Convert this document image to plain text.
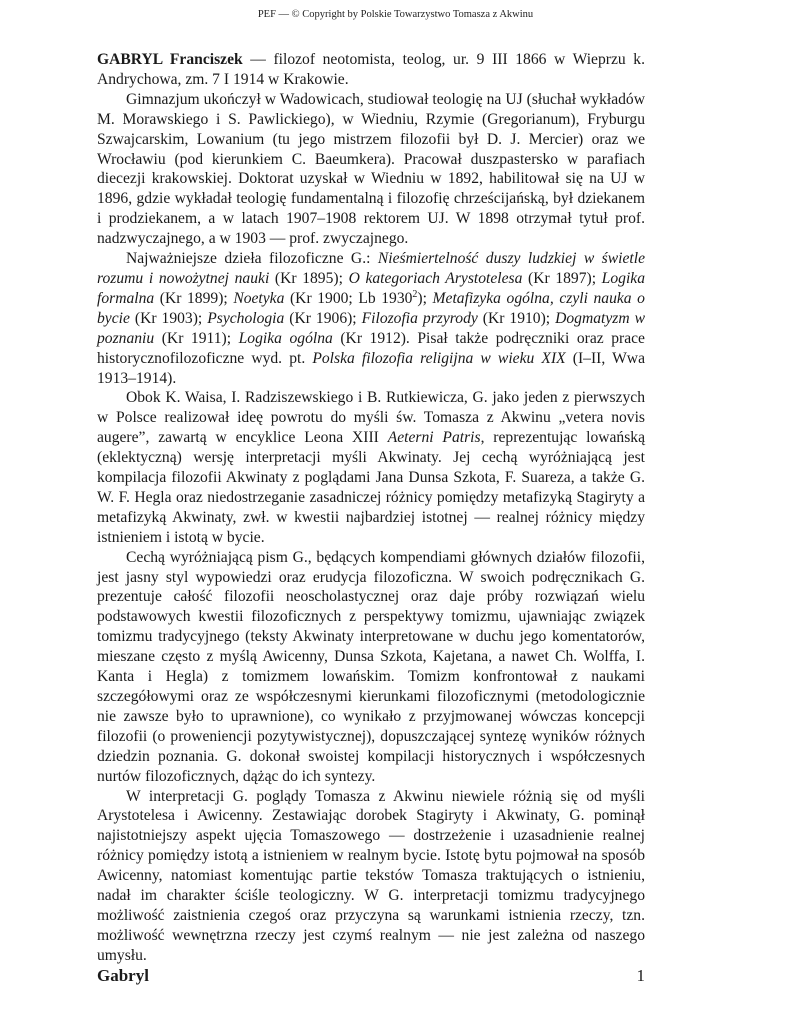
PEF — © Copyright by Polskie Towarzystwo Tomasza z Akwinu

GABRYL Franciszek — filozof neotomista, teolog, ur. 9 III 1866 w Wieprzu k. Andrychowa, zm. 7 I 1914 w Krakowie.

Gimnazjum ukończył w Wadowicach, studiował teologię na UJ (słuchał wykładów M. Morawskiego i S. Pawlickiego), w Wiedniu, Rzymie (Gregorianum), Fryburgu Szwajcarskim, Lowanium (tu jego mistrzem filozofii był D. J. Mercier) oraz we Wrocławiu (pod kierunkiem C. Baeumkera). Pracował duszpastersko w parafiach diecezji krakowskiej. Doktorat uzyskał w Wiedniu w 1892, habilitował się na UJ w 1896, gdzie wykładał teologię fundamentalną i filozofię chrześcijańską, był dziekanem i prodziekanem, a w latach 1907–1908 rektorem UJ. W 1898 otrzymał tytuł prof. nadzwyczajnego, a w 1903 — prof. zwyczajnego.

Najważniejsze dzieła filozoficzne G.: Nieśmiertelność duszy ludzkiej w świetle rozumu i nowożytnej nauki (Kr 1895); O kategoriach Arystotelesa (Kr 1897); Logika formalna (Kr 1899); Noetyka (Kr 1900; Lb 1930$^2$); Metafizyka ogólna, czyli nauka o bycie (Kr 1903); Psychologia (Kr 1906); Filozofia przyrody (Kr 1910); Dogmatyzm w poznaniu (Kr 1911); Logika ogólna (Kr 1912). Pisał także podręczniki oraz prace historycznofilozoficzne wyd. pt. Polska filozofia religijna w wieku XIX (I–II, Wwa 1913–1914).

Obok K. Waisa, I. Radziszewskiego i B. Rutkiewicza, G. jako jeden z pierwszych w Polsce realizował ideę powrotu do myśli św. Tomasza z Akwinu „vetera novis augere”, zawartą w encyklice Leona XIII Aeterni Patris, reprezentując lowańską (eklektyczną) wersję interpretacji myśli Akwinaty. Jej cechą wyróżniającą jest kompilacja filozofii Akwinaty z poglądami Jana Dunsa Szkota, F. Suareza, a także G. W. F. Hegla oraz niedostrzeganie zasadniczej różnicy pomiędzy metafizyką Stagiryty a metafizyką Akwinaty, zwł. w kwestii najbardziej istotnej — realnej różnicy między istnieniem i istotą w bycie.

Cechą wyróżniającą pism G., będących kompendiami głównych działów filozofii, jest jasny styl wypowiedzi oraz erudycja filozoficzna. W swoich podręcznikach G. prezentuje całość filozofii neoscholastycznej oraz daje próby rozwiązań wielu podstawowych kwestii filozoficznych z perspektywy tomizmu, ujawniając związek tomizmu tradycyjnego (teksty Akwinaty interpretowane w duchu jego komentatorów, mieszane często z myślą Awicenny, Dunsa Szkota, Kajetana, a nawet Ch. Wolffa, I. Kanta i Hegla) z tomizmem lowańskim. Tomizm konfrontował z naukami szczegółowymi oraz ze współczesnymi kierunkami filozoficznymi (metodologicznie nie zawsze było to uprawnione), co wynikało z przyjmowanej wówczas koncepcji filozofii (o proweniencji pozytywistycznej), dopuszczającej syntezę wyników różnych dziedzin poznania. G. dokonał swoistej kompilacji historycznych i współczesnych nurtów filozoficznych, dążąc do ich syntezy.

W interpretacji G. poglądy Tomasza z Akwinu niewiele różnią się od myśli Arystotelesa i Awicenny. Zestawiając dorobek Stagiryty i Akwinaty, G. pominął najistotniejszy aspekt ujęcia Tomaszowego — dostrzeżenie i uzasadnienie realnej różnicy pomiędzy istotą a istnieniem w realnym bycie. Istotę bytu pojmował na sposób Awicenny, natomiast komentując partie tekstów Tomasza traktujących o istnieniu, nadał im charakter ściśle teologiczny. W G. interpretacji tomizmu tradycyjnego możliwość zaistnienia czegoś oraz przyczyna są warunkami istnienia rzeczy, tzn. możliwość wewnętrzna rzeczy jest czymś realnym — nie jest zależna od naszego umysłu.

Gabryl	1
